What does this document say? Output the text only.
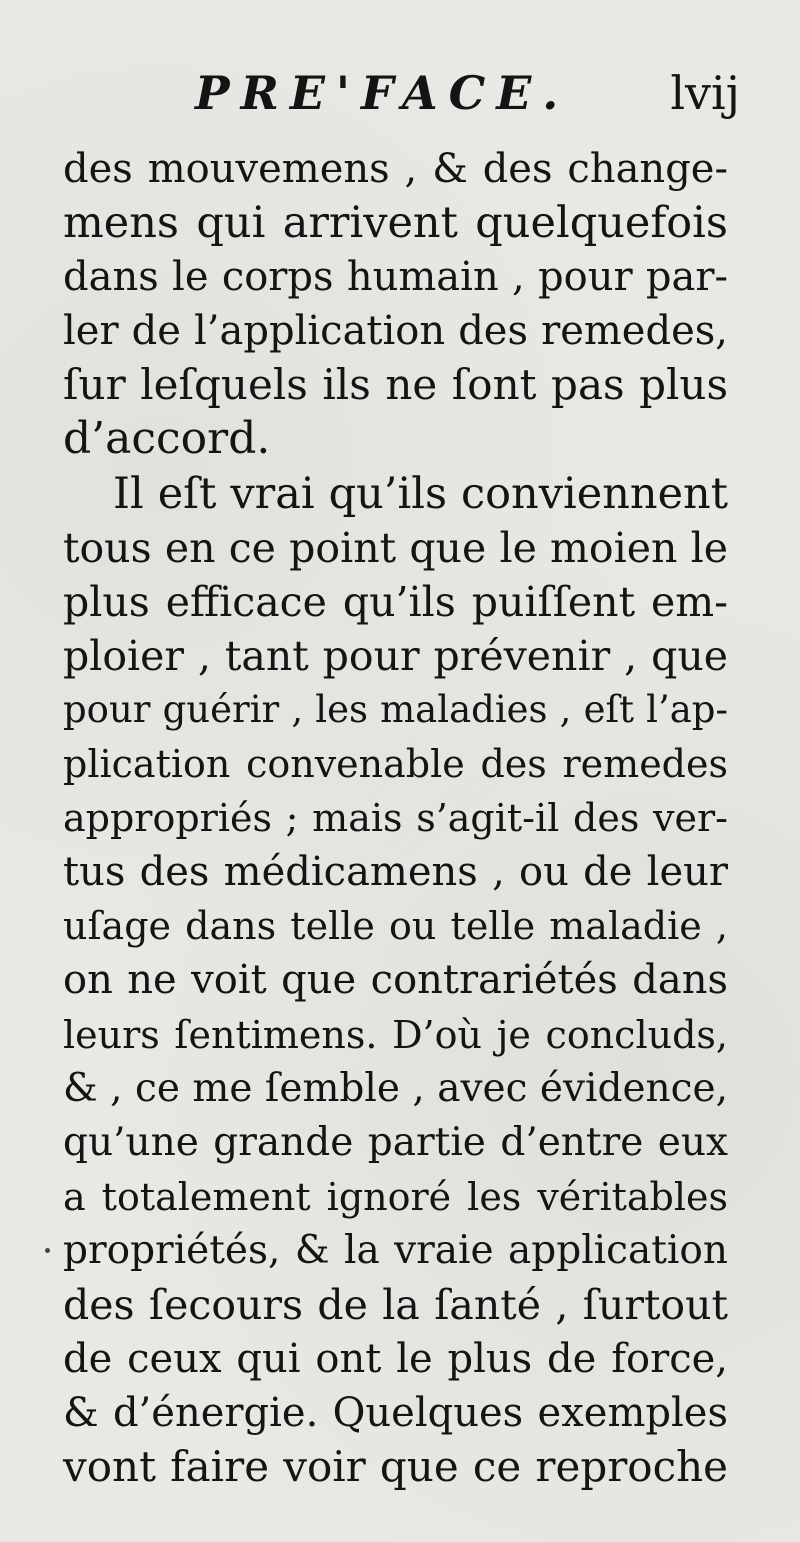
PRE'FACE. lvij
des mouvemens , & des change-
mens qui arrivent quelquefois
dans le corps humain , pour par-
ler de l’application des remedes,
ſur leſquels ils ne ſont pas plus
d’accord.
Il eſt vrai qu’ils conviennent
tous en ce point que le moien le
plus efficace qu’ils puiſſent em-
ploier , tant pour prévenir , que
pour guérir , les maladies , eſt l’ap-
plication convenable des remedes
appropriés ; mais s’agit-il des ver-
tus des médicamens , ou de leur
uſage dans telle ou telle maladie ,
on ne voit que contrariétés dans
leurs ſentimens. D’où je concluds,
& , ce me ſemble , avec évidence,
qu’une grande partie d’entre eux
a totalement ignoré les véritables
propriétés, & la vraie application
des ſecours de la ſanté , ſurtout
de ceux qui ont le plus de force,
& d’énergie. Quelques exemples
vont faire voir que ce reproche
